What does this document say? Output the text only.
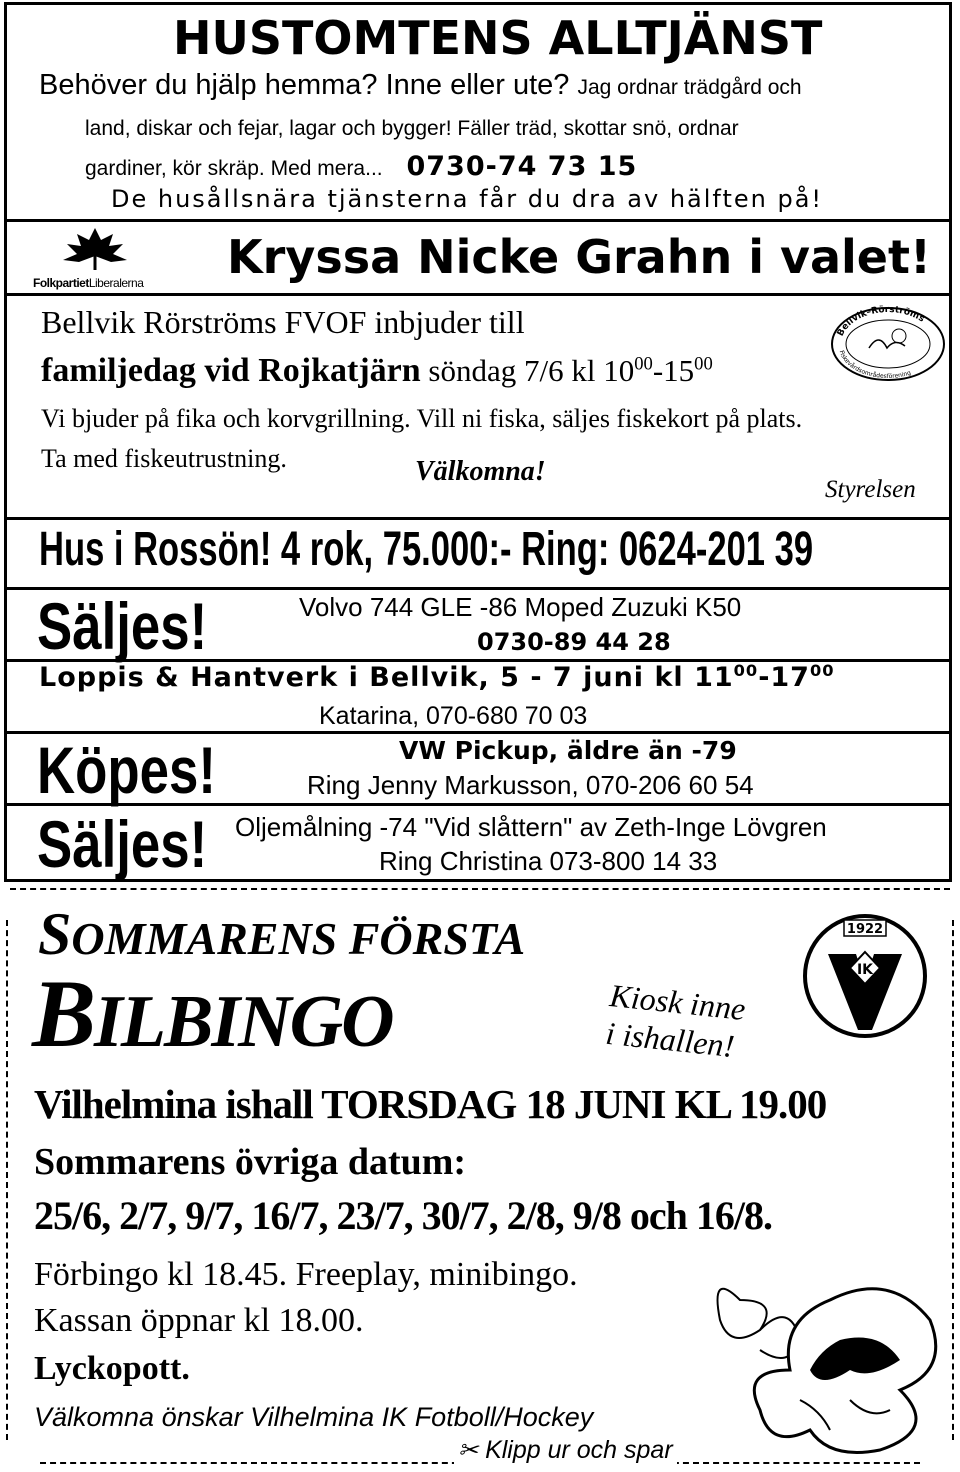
HUSTOMTENS ALLTJÄNST
Behöver du hjälp hemma? Inne eller ute? Jag ordnar trädgård och
land, diskar och fejar, lagar och bygger! Fäller träd, skottar snö, ordnar
gardiner, kör skräp. Med mera... 0730-74 73 15
De husållsnära tjänsterna får du dra av hälften på!
FolkpartietLiberalerna Kryssa Nicke Grahn i valet!
Bellvik Rörströms FVOF inbjuder till
familjedag vid Rojkatjärn söndag 7/6 kl $10^{00}-15^{00}$
Vi bjuder på fika och korvgrillning. Vill ni fiska, säljes fiskekort på plats.
Ta med fiskeutrustning.	Välkomna!
Styrelsen
Bellvik–Rörströms
Fiskevårdsområdesförening
Hus i Rossön! 4 rok, 75.000:- Ring: 0624-201 39
Säljes!	Volvo 744 GLE -86 Moped Zuzuki K50
0730-89 44 28
Loppis & Hantverk i Bellvik, 5 - 7 juni kl $11^{00}-17^{00}$
Katarina, 070-680 70 03
Köpes!	VW Pickup, äldre än -79
Ring Jenny Markusson, 070-206 60 54
Säljes! Oljemålning -74 "Vid slåttern" av Zeth-Inge Lövgren
Ring Christina 073-800 14 33
SOMMARENS FÖRSTA
BILBINGO	Kiosk inne
i ishallen!
IK
1922
Vilhelmina ishall TORSDAG 18 JUNI KL 19.00
Sommarens övriga datum:
25/6, 2/7, 9/7, 16/7, 23/7, 30/7, 2/8, 9/8 och 16/8.
Förbingo kl 18.45. Freeplay, minibingo.
Kassan öppnar kl 18.00.
Lyckopott.
Välkomna önskar Vilhelmina IK Fotboll/Hockey
✂ Klipp ur och spar
